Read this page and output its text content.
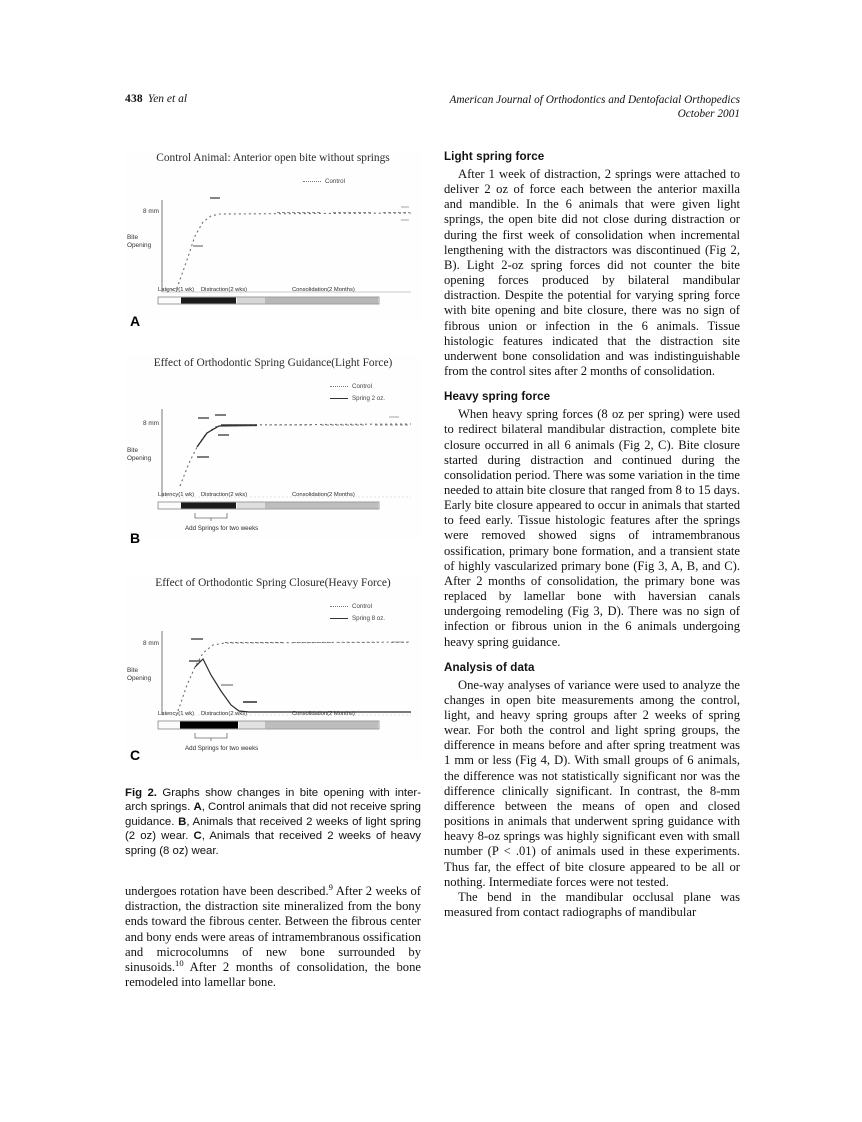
438 Yen et al	American Journal of Orthodontics and Dentofacial Orthopedics
October 2001
Control Animal: Anterior open bite without springs
Control
8 mm
Bite
Opening
Latency(1 wk) Distraction(2 wks)	Consolidation(2 Months)
A
Effect of Orthodontic Spring Guidance(Light Force)
Control
Spring 2 oz.
8 mm
Bite
Opening
Latency(1 wk) Distraction(2 wks)	Consolidation(2 Months)
Add Springs for two weeks
B
Effect of Orthodontic Spring Closure(Heavy Force)
Control
Spring 8 oz.
8 mm
Bite
Opening
Latency(1 wk) Distraction(2 wks)	Consolidation(2 Months)
Add Springs for two weeks
C

Fig 2. Graphs show changes in bite opening with inter-arch springs. A, Control animals that did not receive spring guidance. B, Animals that received 2 weeks of light spring (2 oz) wear. C, Animals that received 2 weeks of heavy spring (8 oz) wear.

undergoes rotation have been described.$^9$ After 2 weeks of distraction, the distraction site mineralized from the bony ends toward the fibrous center. Between the fibrous center and bony ends were areas of intramembranous ossification and microcolumns of new bone surrounded by sinusoids.$^{10}$ After 2 months of consolidation, the bone remodeled into lamellar bone.

Light spring force

After 1 week of distraction, 2 springs were attached to deliver 2 oz of force each between the anterior maxilla and mandible. In the 6 animals that were given light springs, the open bite did not close during distraction or during the first week of consolidation when incremental lengthening with the distractors was discontinued (Fig 2, B). Light 2-oz spring forces did not counter the bite opening forces produced by bilateral mandibular distraction. Despite the potential for varying spring force with bite opening and bite closure, there was no sign of fibrous union or infection in the 6 animals. Tissue histologic features indicated that the distraction site underwent bone consolidation and was indistinguishable from the control sites after 2 months of consolidation.

Heavy spring force

When heavy spring forces (8 oz per spring) were used to redirect bilateral mandibular distraction, complete bite closure occurred in all 6 animals (Fig 2, C). Bite closure started during distraction and continued during the consolidation period. There was some variation in the time needed to attain bite closure that ranged from 8 to 15 days. Early bite closure appeared to occur in animals that started to feed early. Tissue histologic features after the springs were removed showed signs of intramembranous ossification, primary bone formation, and a transient state of highly vascularized primary bone (Fig 3, A, B, and C). After 2 months of consolidation, the primary bone was replaced by lamellar bone with haversian canals undergoing remodeling (Fig 3, D). There was no sign of infection or fibrous union in the 6 animals undergoing heavy spring guidance.

Analysis of data

One-way analyses of variance were used to analyze the changes in open bite measurements among the control, light, and heavy spring groups after 2 weeks of spring wear. For both the control and light spring groups, the difference in means before and after spring treatment was 1 mm or less (Fig 4, D). With small groups of 6 animals, the difference was not statistically significant nor was the difference clinically significant. In contrast, the 8-mm difference between the means of open and closed positions in animals that underwent spring guidance with heavy 8-oz springs was highly significant even with small number (P < .01) of animals used in these experiments. Thus far, the effect of bite closure appeared to be all or nothing. Intermediate forces were not tested.

The bend in the mandibular occlusal plane was measured from contact radiographs of mandibular
